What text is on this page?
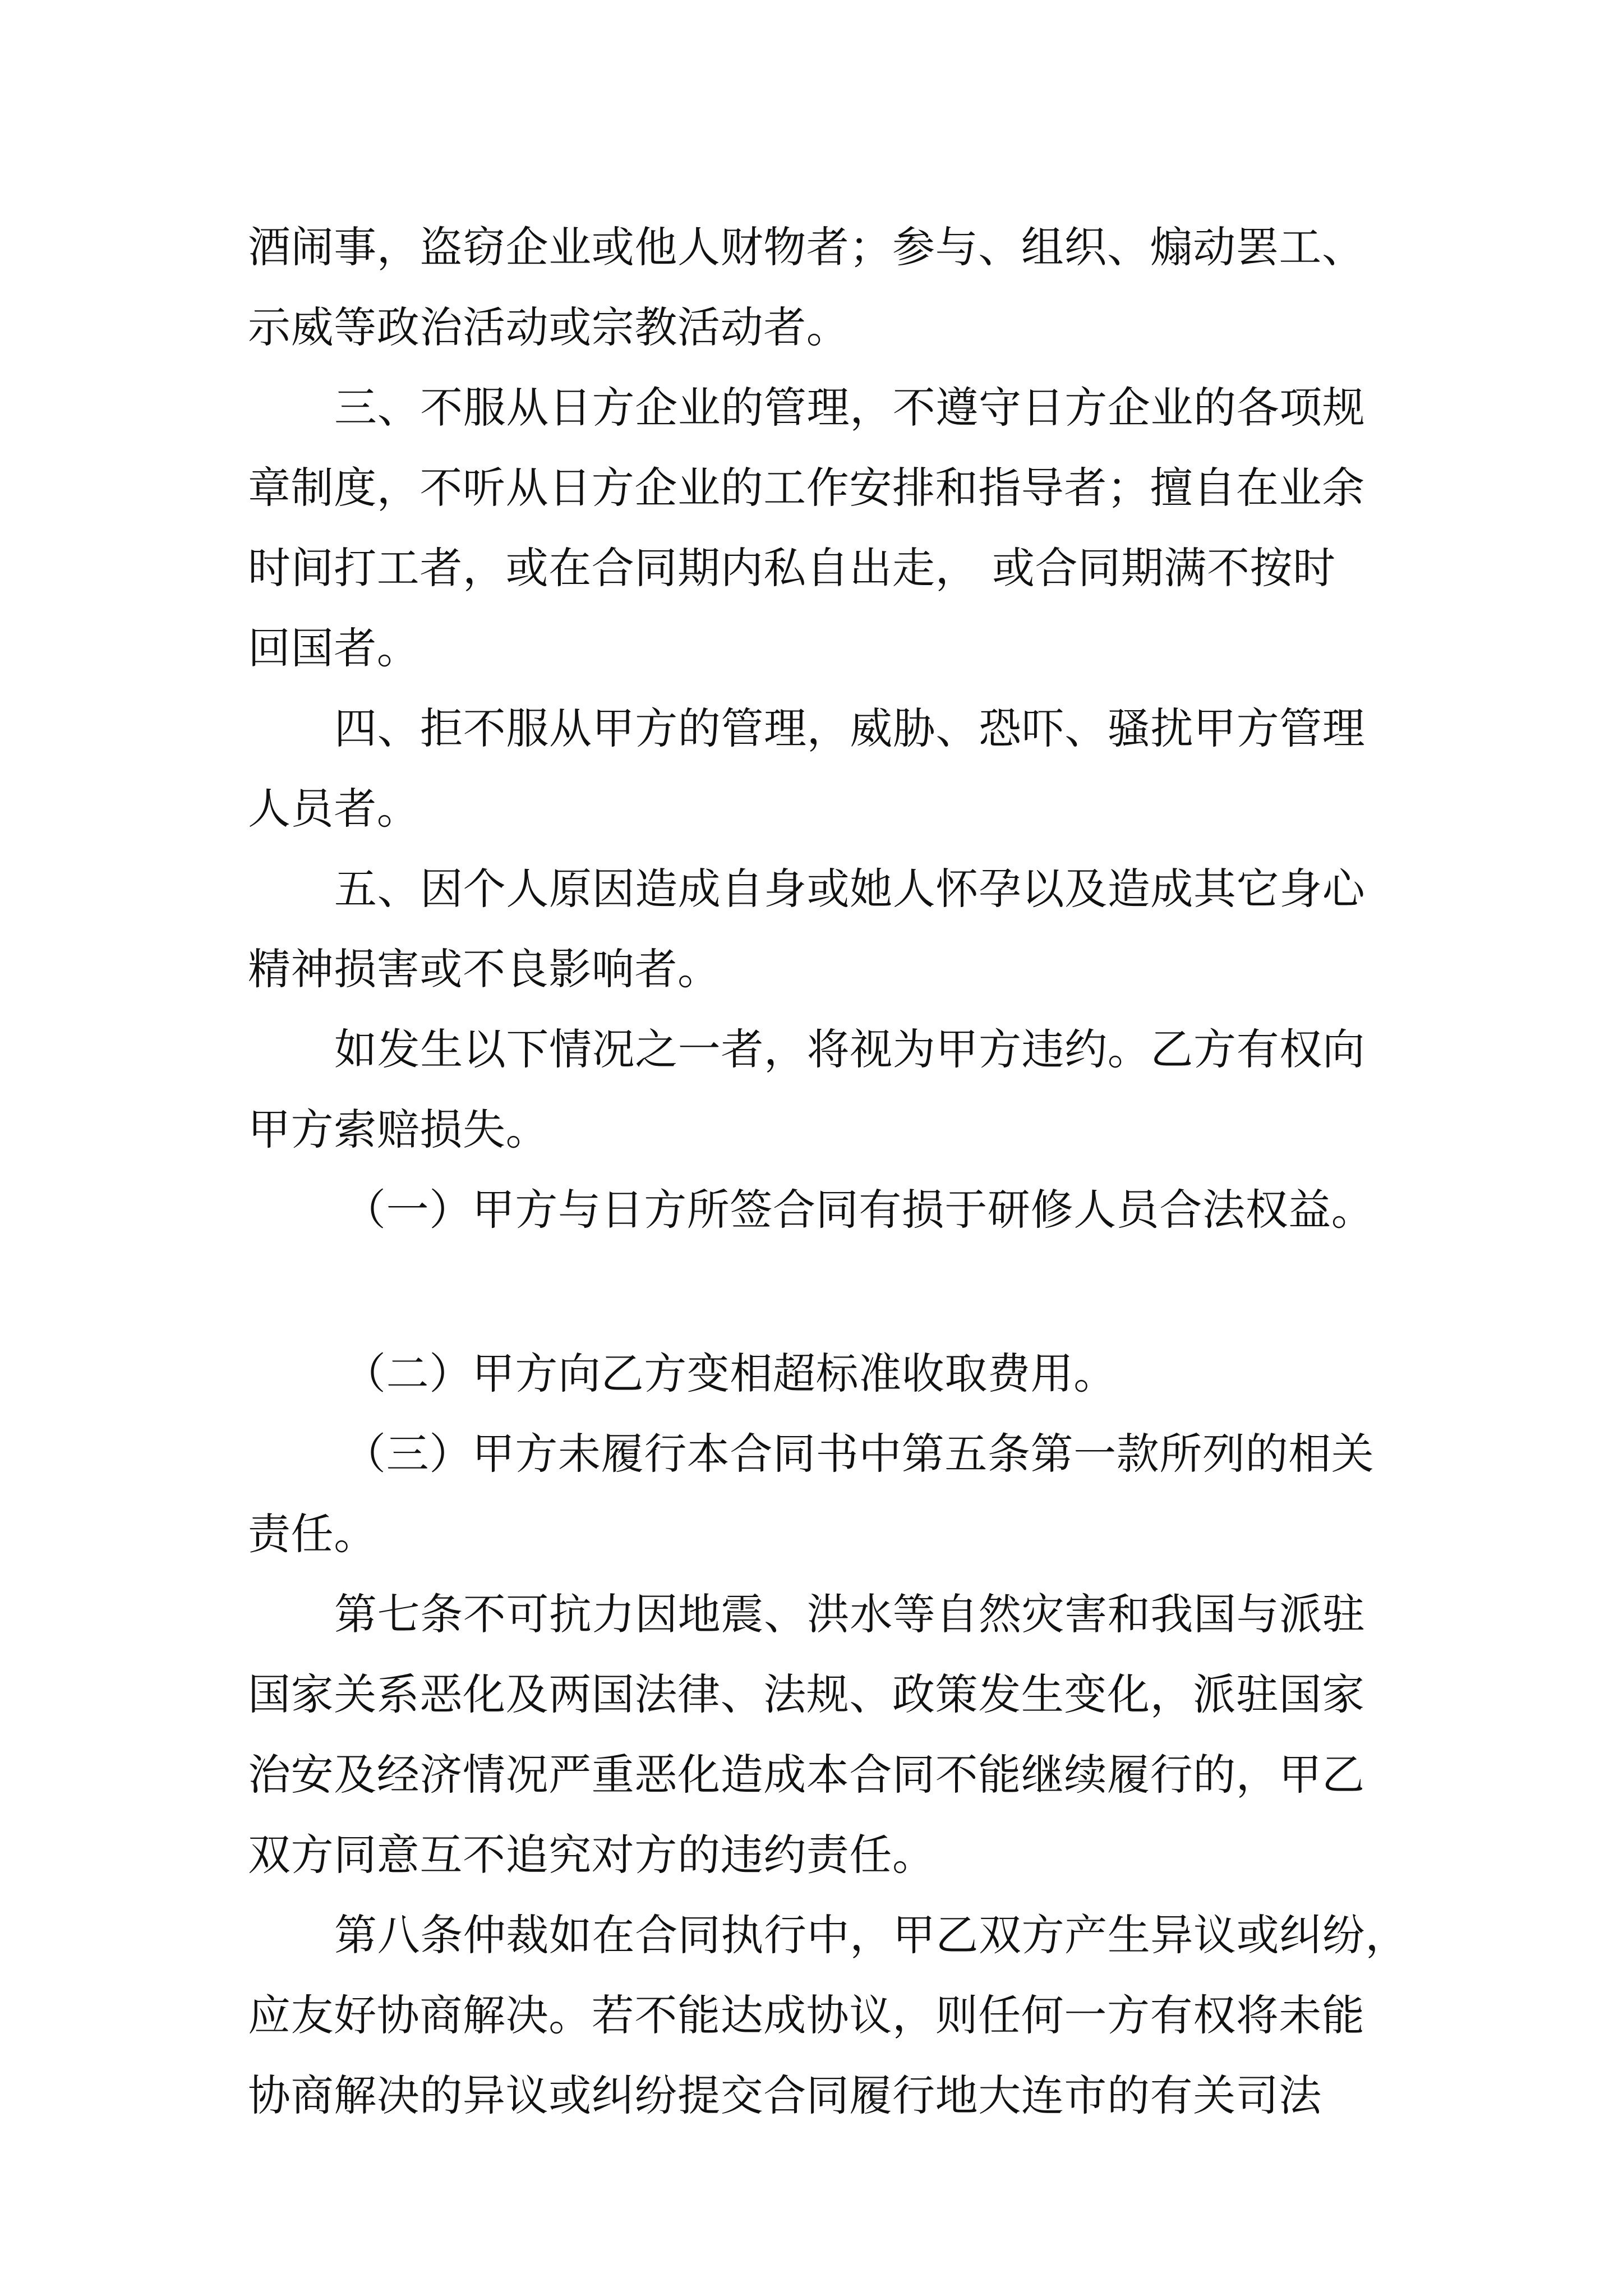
酒闹事，盗窃企业或他人财物者；参与、组织、煽动罢工、
示威等政治活动或宗教活动者。
三、不服从日方企业的管理，不遵守日方企业的各项规
章制度，不听从日方企业的工作安排和指导者；擅自在业余
时间打工者，或在合同期内私自出走， 或合同期满不按时
回国者。
四、拒不服从甲方的管理，威胁、恐吓、骚扰甲方管理
人员者。
五、因个人原因造成自身或她人怀孕以及造成其它身心
精神损害或不良影响者。
如发生以下情况之一者，将视为甲方违约。乙方有权向
甲方索赔损失。
（一）甲方与日方所签合同有损于研修人员合法权益。
（二）甲方向乙方变相超标准收取费用。
（三）甲方未履行本合同书中第五条第一款所列的相关
责任。
第七条不可抗力因地震、洪水等自然灾害和我国与派驻
国家关系恶化及两国法律、法规、政策发生变化，派驻国家
治安及经济情况严重恶化造成本合同不能继续履行的，甲乙
双方同意互不追究对方的违约责任。
第八条仲裁如在合同执行中，甲乙双方产生异议或纠纷，
应友好协商解决。若不能达成协议，则任何一方有权将未能
协商解决的异议或纠纷提交合同履行地大连市的有关司法
